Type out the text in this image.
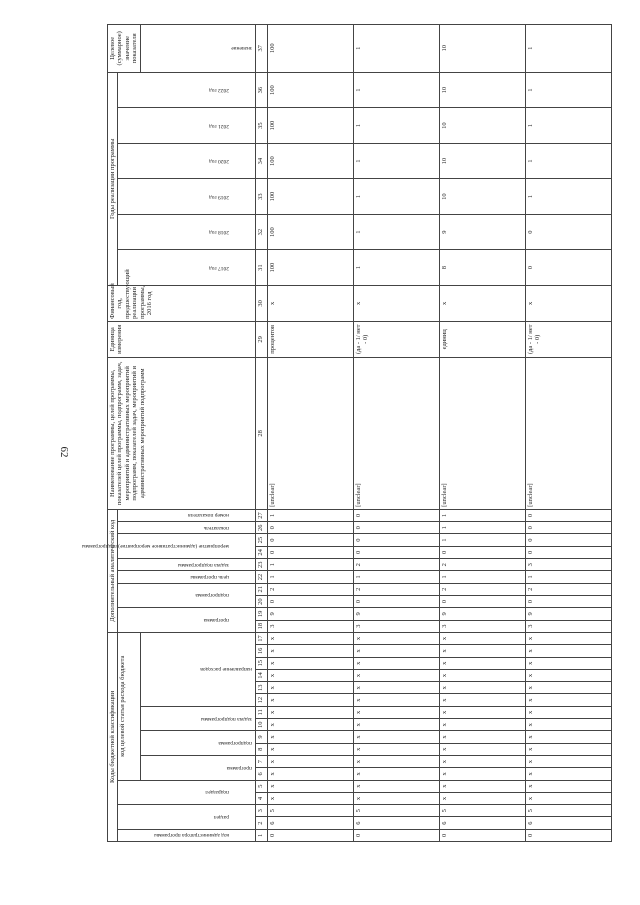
62
Коды бюджетной классификации																	Дополнительный аналитический код										Наименование программы, целей программы, показателей целей программы, подпрограмм, задач, мероприятий и административных мероприятий подпрограмм, показателей задач, мероприятий и административных мероприятий подпрограмм	Единица измерения	Финансовый год, предшествующий реализации программы, 2016 год	Годы реализации программы						Целевое (суммарное) значение показателя

код администратора программы	раздел		подраздел		код целевой статьи расхода бюджета												программа		подпрограмма		цель программы	задача подпрограммы	мероприятие (административное мероприятие) подпрограммы		показатель	номер показателя				2017 год	2018 год	2019 год	2020 год	2021 год	2022 год	

					программа		подпрограмма		задача подпрограммы		направление расходов																									значение

1	2	3	4	5	6	7	8	9	10	11	12	13	14	15	16	17	18	19	20	21	22	23	24	25	26	27	28	29	30	31	32	33	34	35	36	37
0	6	5	х	х	х	х	х	х	х	х	х	х	х	х	х	х	3	9	0	2	1	1	0	0	0	1	[unclear]	процентов	х	100	100	100	100	100	100	100
0	6	5	х	х	х	х	х	х	х	х	х	х	х	х	х	х	3	9	0	2	1	2	0	0	0	0	[unclear]	(да - 1/ нет - 0)	х	1	1	1	1	1	1	1
0	6	5	х	х	х	х	х	х	х	х	х	х	х	х	х	х	3	9	0	2	1	2	0	1	1	1	[unclear]	единиц	х	8	9	10	10	10	10	10
0	6	5	х	х	х	х	х	х	х	х	х	х	х	х	х	х	3	9	0	2	1	3	0	0	0	0	[unclear]	(да - 1/ нет - 0)	х	0	0	1	1	1	1	1
